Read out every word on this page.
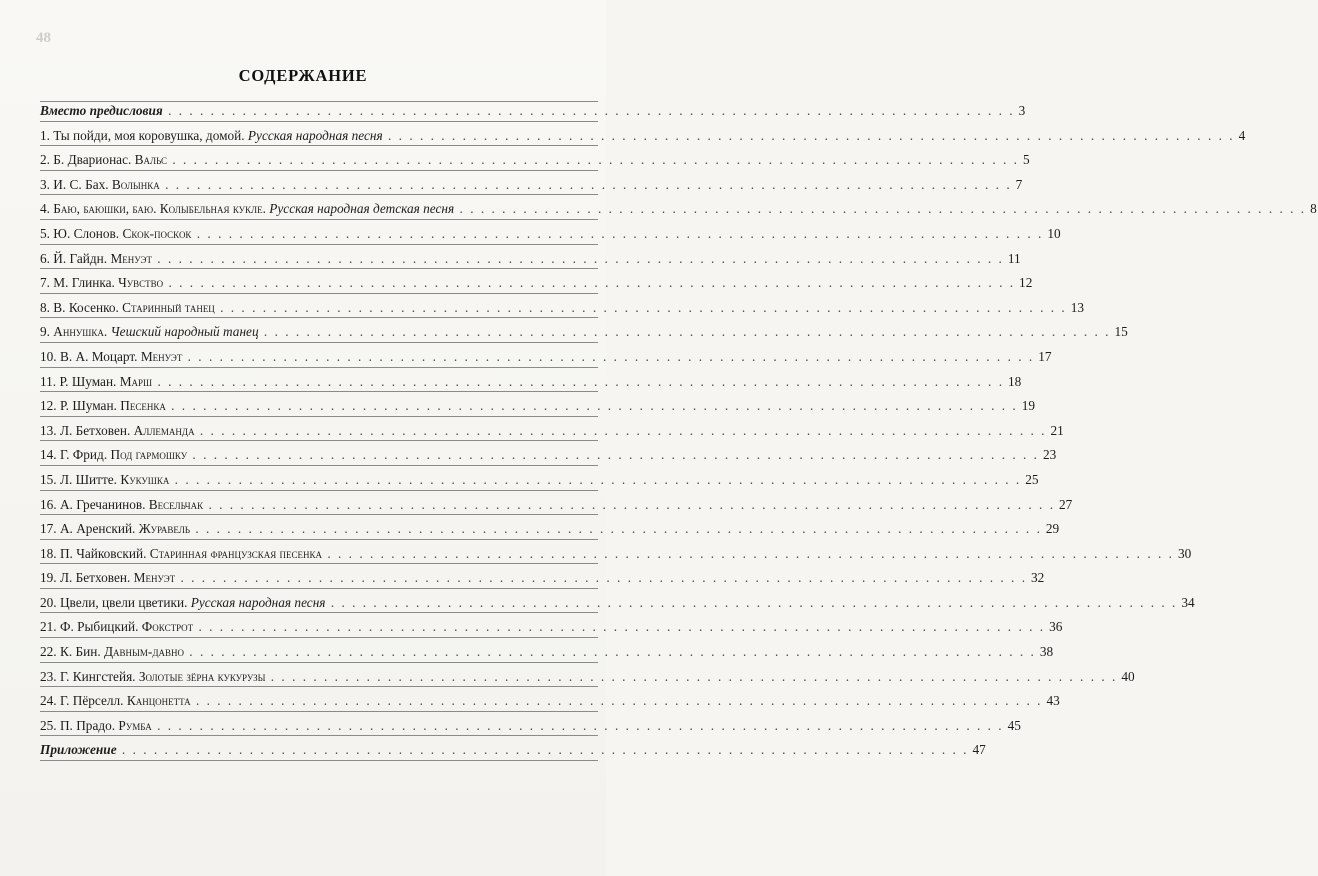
48
СОДЕРЖАНИЕ
Вместо предисловия . . . . . . . . . . . . . . . . . . . . . . . . . . . . . . . . . . . . . . . . . . . . . . . . . . . . . . . . . . . . . . . . . . . . . . . . . . . . . . . . 3
1. Ты пойди, моя коровушка, домой. Русская народная песня . . . . . . . . . . . . . . . . . . . . . . . . . . . . . . . . . . . . . . . . . . . . . . . . . . . . . . . . . . . . . . . . . . . . . . . . . . . . . . . . 4
2. Б. Дварионас. Вальс . . . . . . . . . . . . . . . . . . . . . . . . . . . . . . . . . . . . . . . . . . . . . . . . . . . . . . . . . . . . . . . . . . . . . . . . . . . . . . . . 5
3. И. С. Бах. Волынка . . . . . . . . . . . . . . . . . . . . . . . . . . . . . . . . . . . . . . . . . . . . . . . . . . . . . . . . . . . . . . . . . . . . . . . . . . . . . . . . 7
4. Баю, баюшки, баю. Колыбельная кукле. Русская народная детская песня . . . . . . . . . . . . . . . . . . . . . . . . . . . . . . . . . . . . . . . . . . . . . . . . . . . . . . . . . . . . . . . . . . . . . . . . . . . . . . . . 8
5. Ю. Слонов. Скок-поскок . . . . . . . . . . . . . . . . . . . . . . . . . . . . . . . . . . . . . . . . . . . . . . . . . . . . . . . . . . . . . . . . . . . . . . . . . . . . . . . . 10
6. Й. Гайдн. Менуэт . . . . . . . . . . . . . . . . . . . . . . . . . . . . . . . . . . . . . . . . . . . . . . . . . . . . . . . . . . . . . . . . . . . . . . . . . . . . . . . . 11
7. М. Глинка. Чувство . . . . . . . . . . . . . . . . . . . . . . . . . . . . . . . . . . . . . . . . . . . . . . . . . . . . . . . . . . . . . . . . . . . . . . . . . . . . . . . . 12
8. В. Косенко. Старинный танец . . . . . . . . . . . . . . . . . . . . . . . . . . . . . . . . . . . . . . . . . . . . . . . . . . . . . . . . . . . . . . . . . . . . . . . . . . . . . . . . 13
9. Аннушка. Чешский народный танец . . . . . . . . . . . . . . . . . . . . . . . . . . . . . . . . . . . . . . . . . . . . . . . . . . . . . . . . . . . . . . . . . . . . . . . . . . . . . . . . 15
10. В. А. Моцарт. Менуэт . . . . . . . . . . . . . . . . . . . . . . . . . . . . . . . . . . . . . . . . . . . . . . . . . . . . . . . . . . . . . . . . . . . . . . . . . . . . . . . . 17
11. Р. Шуман. Марш . . . . . . . . . . . . . . . . . . . . . . . . . . . . . . . . . . . . . . . . . . . . . . . . . . . . . . . . . . . . . . . . . . . . . . . . . . . . . . . . 18
12. Р. Шуман. Песенка . . . . . . . . . . . . . . . . . . . . . . . . . . . . . . . . . . . . . . . . . . . . . . . . . . . . . . . . . . . . . . . . . . . . . . . . . . . . . . . . 19
13. Л. Бетховен. Аллеманда . . . . . . . . . . . . . . . . . . . . . . . . . . . . . . . . . . . . . . . . . . . . . . . . . . . . . . . . . . . . . . . . . . . . . . . . . . . . . . . . 21
14. Г. Фрид. Под гармошку . . . . . . . . . . . . . . . . . . . . . . . . . . . . . . . . . . . . . . . . . . . . . . . . . . . . . . . . . . . . . . . . . . . . . . . . . . . . . . . . 23
15. Л. Шитте. Кукушка . . . . . . . . . . . . . . . . . . . . . . . . . . . . . . . . . . . . . . . . . . . . . . . . . . . . . . . . . . . . . . . . . . . . . . . . . . . . . . . . 25
16. А. Гречанинов. Весельчак . . . . . . . . . . . . . . . . . . . . . . . . . . . . . . . . . . . . . . . . . . . . . . . . . . . . . . . . . . . . . . . . . . . . . . . . . . . . . . . . 27
17. А. Аренский. Журавель . . . . . . . . . . . . . . . . . . . . . . . . . . . . . . . . . . . . . . . . . . . . . . . . . . . . . . . . . . . . . . . . . . . . . . . . . . . . . . . . 29
18. П. Чайковский. Старинная французская песенка . . . . . . . . . . . . . . . . . . . . . . . . . . . . . . . . . . . . . . . . . . . . . . . . . . . . . . . . . . . . . . . . . . . . . . . . . . . . . . . . 30
19. Л. Бетховен. Менуэт . . . . . . . . . . . . . . . . . . . . . . . . . . . . . . . . . . . . . . . . . . . . . . . . . . . . . . . . . . . . . . . . . . . . . . . . . . . . . . . . 32
20. Цвели, цвели цветики. Русская народная песня . . . . . . . . . . . . . . . . . . . . . . . . . . . . . . . . . . . . . . . . . . . . . . . . . . . . . . . . . . . . . . . . . . . . . . . . . . . . . . . . 34
21. Ф. Рыбицкий. Фокстрот . . . . . . . . . . . . . . . . . . . . . . . . . . . . . . . . . . . . . . . . . . . . . . . . . . . . . . . . . . . . . . . . . . . . . . . . . . . . . . . . 36
22. К. Бин. Давным-давно . . . . . . . . . . . . . . . . . . . . . . . . . . . . . . . . . . . . . . . . . . . . . . . . . . . . . . . . . . . . . . . . . . . . . . . . . . . . . . . . 38
23. Г. Кингстейя. Золотые зёрна кукурузы . . . . . . . . . . . . . . . . . . . . . . . . . . . . . . . . . . . . . . . . . . . . . . . . . . . . . . . . . . . . . . . . . . . . . . . . . . . . . . . . 40
24. Г. Пёрселл. Канцонетта . . . . . . . . . . . . . . . . . . . . . . . . . . . . . . . . . . . . . . . . . . . . . . . . . . . . . . . . . . . . . . . . . . . . . . . . . . . . . . . . 43
25. П. Прадо. Румба . . . . . . . . . . . . . . . . . . . . . . . . . . . . . . . . . . . . . . . . . . . . . . . . . . . . . . . . . . . . . . . . . . . . . . . . . . . . . . . . 45
Приложение . . . . . . . . . . . . . . . . . . . . . . . . . . . . . . . . . . . . . . . . . . . . . . . . . . . . . . . . . . . . . . . . . . . . . . . . . . . . . . . . 47
